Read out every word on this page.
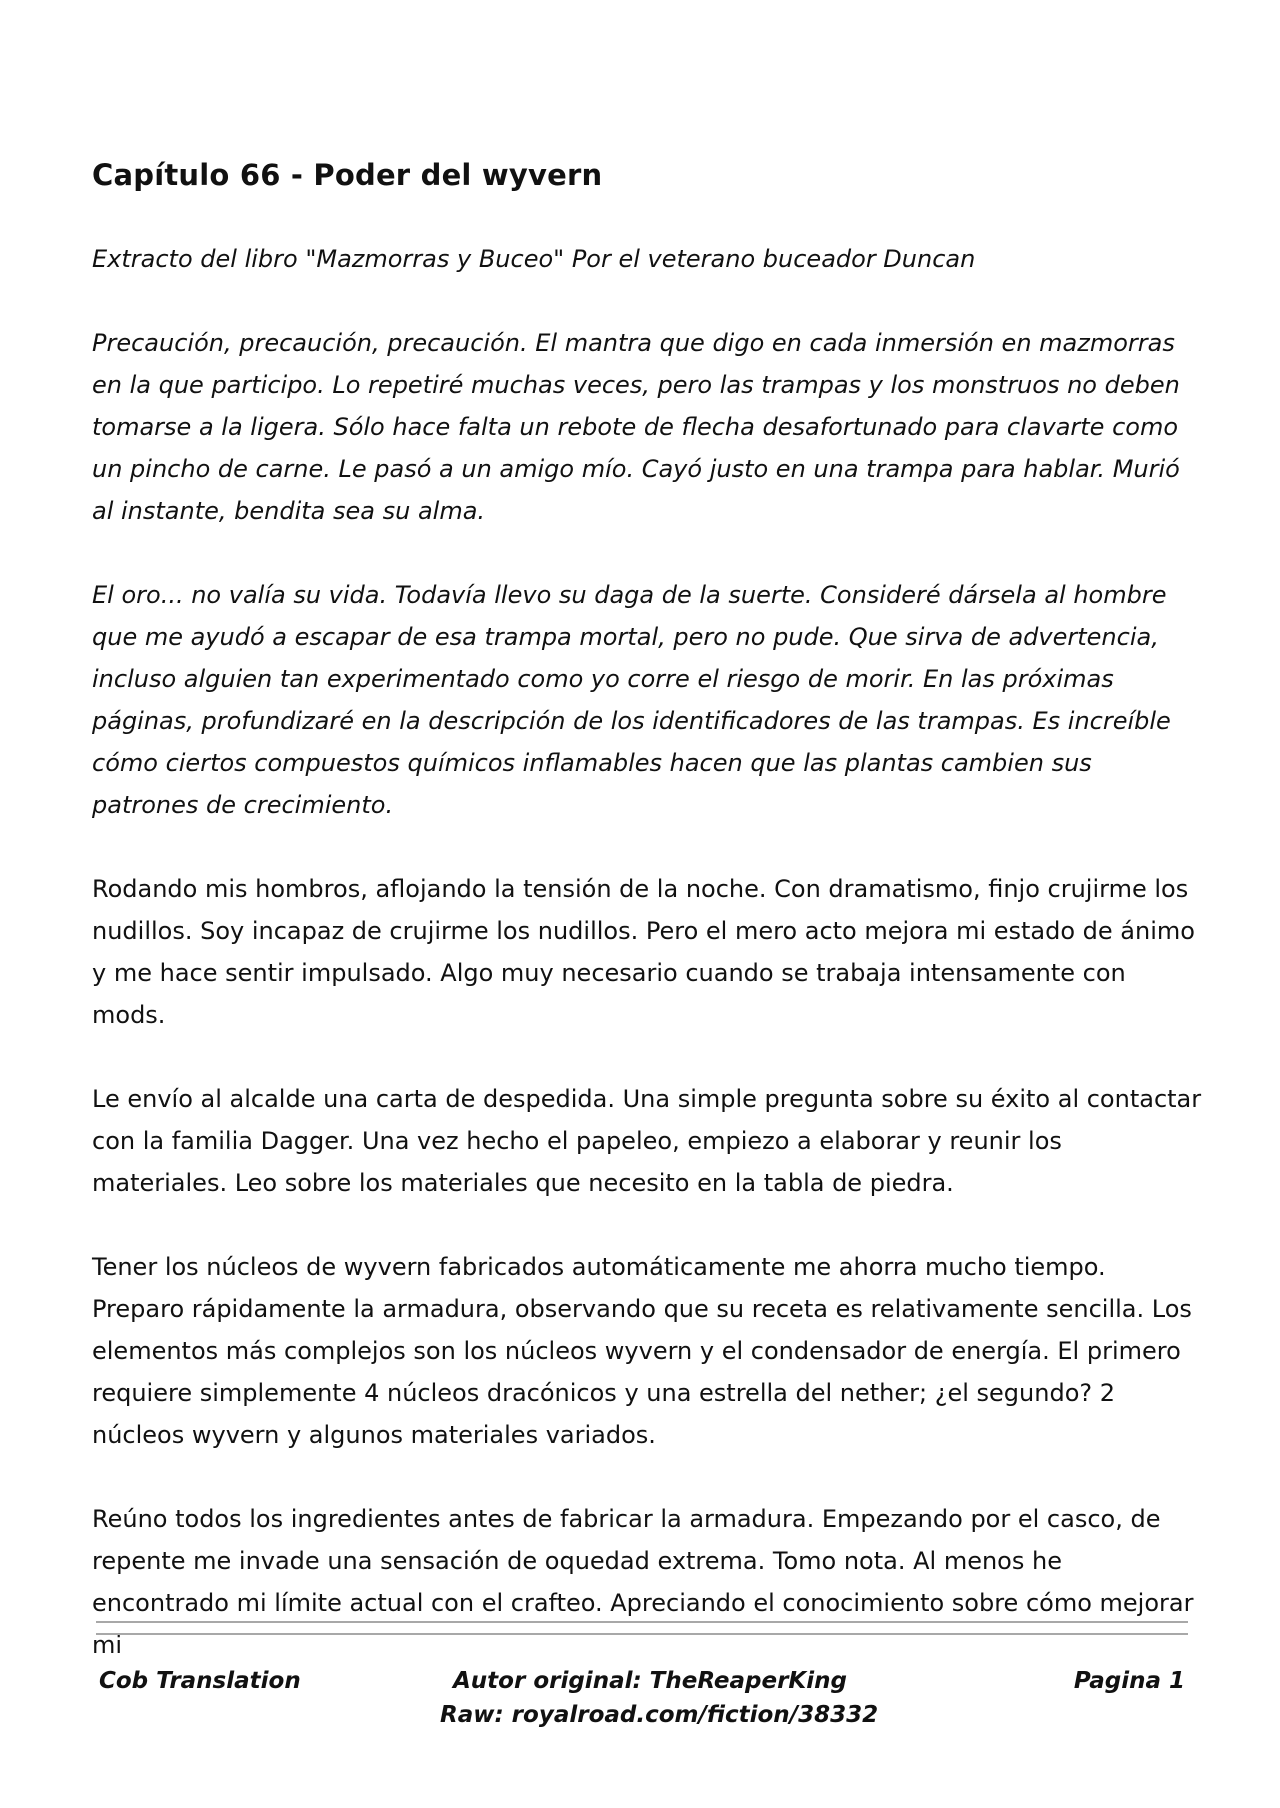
Capítulo 66 - Poder del wyvern

Extracto del libro "Mazmorras y Buceo" Por el veterano buceador Duncan

Precaución, precaución, precaución. El mantra que digo en cada inmersión en mazmorras en la que participo. Lo repetiré muchas veces, pero las trampas y los monstruos no deben tomarse a la ligera. Sólo hace falta un rebote de flecha desafortunado para clavarte como un pincho de carne. Le pasó a un amigo mío. Cayó justo en una trampa para hablar. Murió al instante, bendita sea su alma.

El oro... no valía su vida. Todavía llevo su daga de la suerte. Consideré dársela al hombre que me ayudó a escapar de esa trampa mortal, pero no pude. Que sirva de advertencia, incluso alguien tan experimentado como yo corre el riesgo de morir. En las próximas páginas, profundizaré en la descripción de los identificadores de las trampas. Es increíble cómo ciertos compuestos químicos inflamables hacen que las plantas cambien sus patrones de crecimiento.

Rodando mis hombros, aflojando la tensión de la noche. Con dramatismo, finjo crujirme los nudillos. Soy incapaz de crujirme los nudillos. Pero el mero acto mejora mi estado de ánimo y me hace sentir impulsado. Algo muy necesario cuando se trabaja intensamente con mods.

Le envío al alcalde una carta de despedida. Una simple pregunta sobre su éxito al contactar con la familia Dagger. Una vez hecho el papeleo, empiezo a elaborar y reunir los materiales. Leo sobre los materiales que necesito en la tabla de piedra.

Tener los núcleos de wyvern fabricados automáticamente me ahorra mucho tiempo. Preparo rápidamente la armadura, observando que su receta es relativamente sencilla. Los elementos más complejos son los núcleos wyvern y el condensador de energía. El primero requiere simplemente 4 núcleos dracónicos y una estrella del nether; ¿el segundo? 2 núcleos wyvern y algunos materiales variados.

Reúno todos los ingredientes antes de fabricar la armadura. Empezando por el casco, de repente me invade una sensación de oquedad extrema. Tomo nota. Al menos he encontrado mi límite actual con el crafteo. Apreciando el conocimiento sobre cómo mejorar mi

Cob Translation	Autor original: TheReaperKing
Raw: royalroad.com/fiction/38332
Pagina 1
